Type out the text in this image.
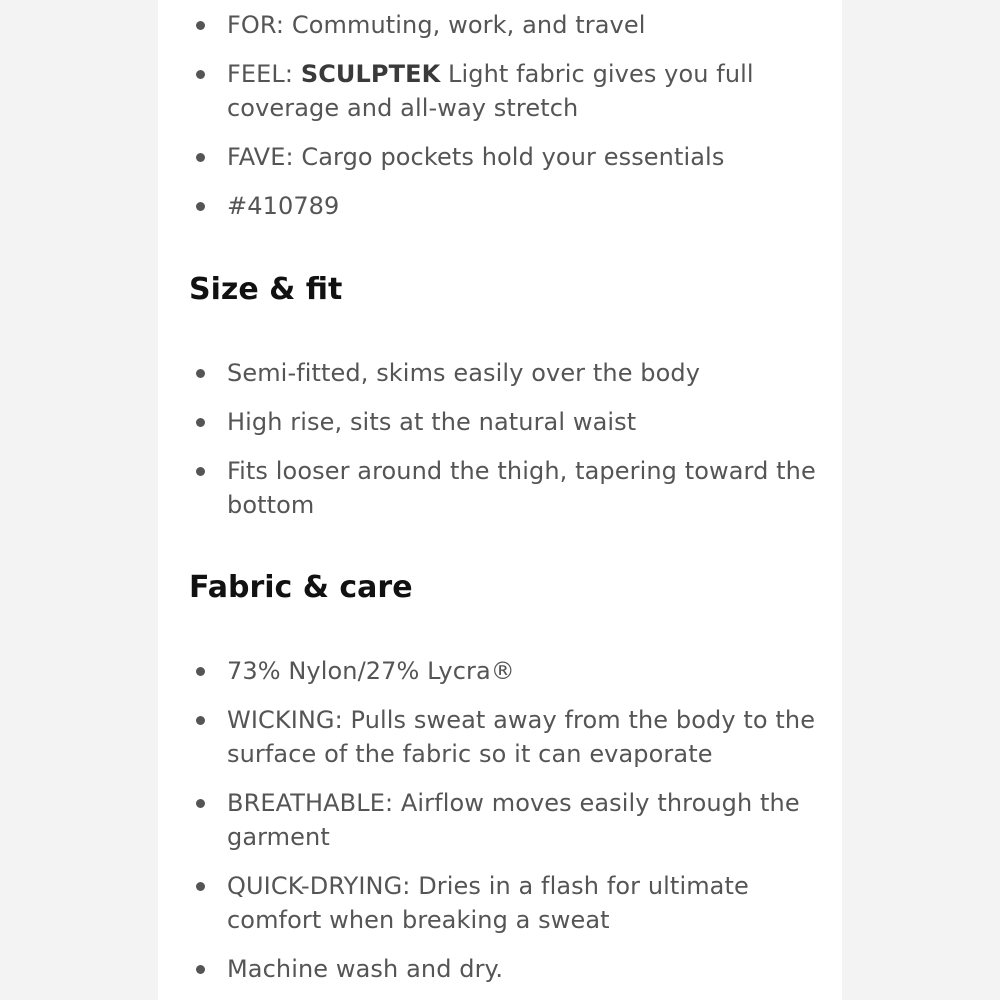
FOR: Commuting, work, and travel
FEEL: SCULPTEK Light fabric gives you full coverage and all-way stretch
FAVE: Cargo pockets hold your essentials
#410789
Size & fit
Semi-fitted, skims easily over the body
High rise, sits at the natural waist
Fits looser around the thigh, tapering toward the bottom
Fabric & care
73% Nylon/27% Lycra®
WICKING: Pulls sweat away from the body to the surface of the fabric so it can evaporate
BREATHABLE: Airflow moves easily through the garment
QUICK-DRYING: Dries in a flash for ultimate comfort when breaking a sweat
Machine wash and dry.
